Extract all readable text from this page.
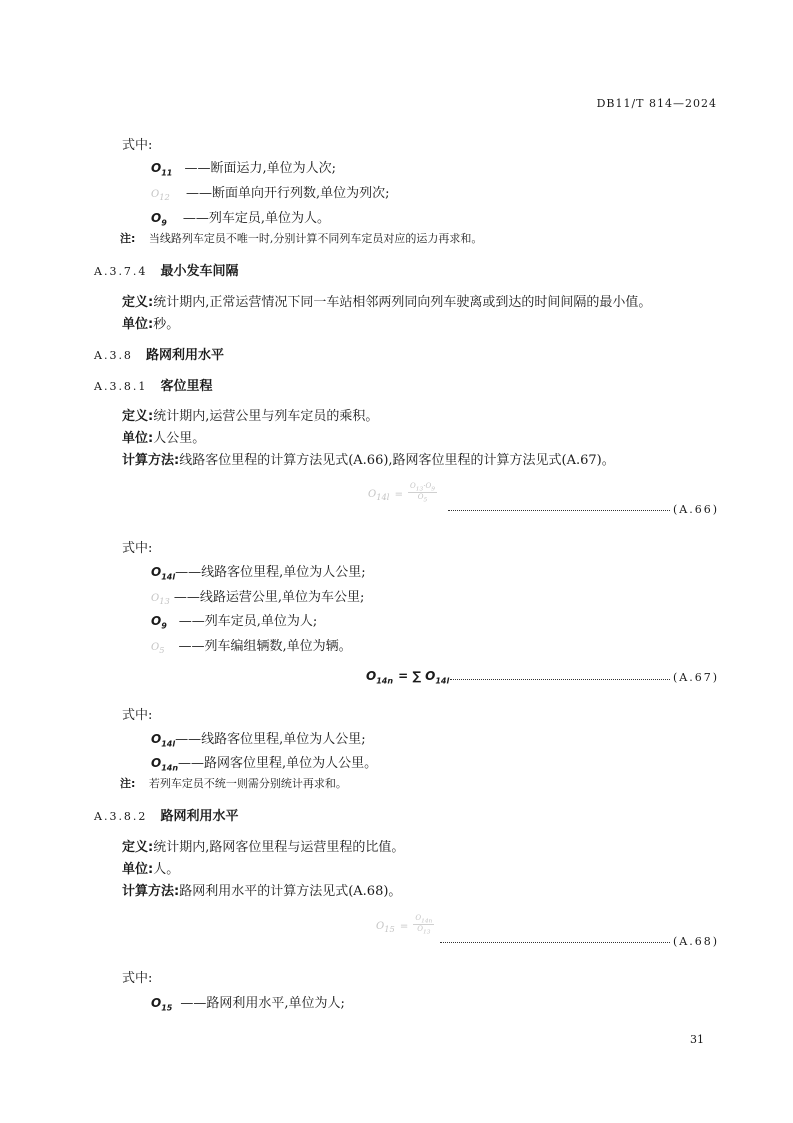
DB11/T 814—2024
式中:
$O_{11}$ ——断面运力,单位为人次;
$O_{12}$ ——断面单向开行列数,单位为列次;
$O_9$ ——列车定员,单位为人。
注: 当线路列车定员不唯一时,分别计算不同列车定员对应的运力再求和。
A.3.7.4 最小发车间隔
定义:统计期内,正常运营情况下同一车站相邻两列同向列车驶离或到达的时间间隔的最小值。
单位:秒。
A.3.8 路网利用水平
A.3.8.1 客位里程
定义:统计期内,运营公里与列车定员的乘积。
单位:人公里。
计算方法:线路客位里程的计算方法见式(A.66),路网客位里程的计算方法见式(A.67)。
$O_{14l} = \frac{O_{13}\cdot O_9}{O_5}$
(A.66)
式中:
$O_{14l}——$线路客位里程,单位为人公里;
$O_{13}$ ——线路运营公里,单位为车公里;
$O_9$ ——列车定员,单位为人;
$O_5$ ——列车编组辆数,单位为辆。
$O_{14n}$ = ∑ $O_{14l}$	(A.67)
式中:
$O_{14l}——$线路客位里程,单位为人公里;
$O_{14n}——$路网客位里程,单位为人公里。
注: 若列车定员不统一则需分别统计再求和。
A.3.8.2 路网利用水平
定义:统计期内,路网客位里程与运营里程的比值。
单位:人。
计算方法:路网利用水平的计算方法见式(A.68)。
$O_{15} = \frac{O_{14n}}{O_{13}}$
(A.68)
式中:
$O_{15}$ ——路网利用水平,单位为人;
31
